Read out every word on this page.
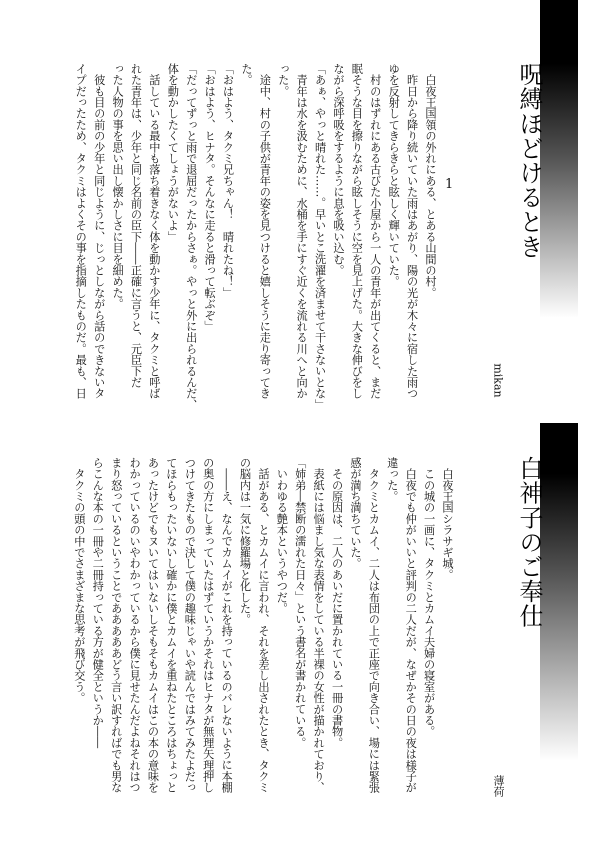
呪縛ほどけるとき
1
mikan
　白夜王国領の外れにある、とある山間の村。
　昨日から降り続いていた雨はあがり、陽の光が木々に宿した雨つ
ゆを反射してきらきらと眩しく輝いていた。
　村のはずれにある古びた小屋から一人の青年が出てくると、まだ
眠そうな目を擦りながら眩しそうに空を見上げた。大きな伸びをし
ながら深呼吸をするように息を吸い込む。
「あぁ、やっと晴れた……。早いとこ洗濯を済ませて干さないとな」
　青年は水を汲むために、水桶を手にすぐ近くを流れる川へと向か
った。
　途中、村の子供が青年の姿を見つけると嬉しそうに走り寄ってき
た。
「おはよう、タクミ兄ちゃん！　晴れたね！」
「おはよう、ヒナタ。そんなに走ると滑って転ぶぞ」
「だってずっと雨で退屈だったからさぁ。やっと外に出られるんだ、
体を動かしたくてしょうがないよ」
　話している最中も落ち着きなく体を動かす少年に、タクミと呼ば
れた青年は、少年と同じ名前の臣下――正確に言うと、元臣下だ
った人物の事を思い出し懐かしさに目を細めた。
　彼も目の前の少年と同じように、じっとしながら話のできないタ
イプだったため、タクミはよくその事を指摘したものだ。最も、日
白神子のご奉仕
薄荷
　白夜王国シラサギ城。
　この城の一画に、タクミとカムイ夫婦の寝室がある。
　白夜でも仲がいいと評判の二人だが、なぜかその日の夜は様子が
違った。
　タクミとカムイ、二人は布団の上で正座で向き合い、場には緊張
感が満ち満ちていた。
　その原因は、二人のあいだに置かれている一冊の書物。
　表紙には悩まし気な表情をしている半裸の女性が描かれており、
「姉弟―禁断の濡れた日々」という書名が書かれている。
　いわゆる艶本というやつだ。
　話がある、とカムイに言われ、それを差し出されたとき、タクミ
の脳内は一気に修羅場と化した。
　――え、なんでカムイがこれを持っているのバレないように本棚
の奥の方にしまっていたはずていうかそれはヒナタが無理矢理押し
つけてきたもので決して僕の趣味じゃいや読んではみてみたよだっ
てほらもったいないし確かに僕とカムイを重ねたところはちょっと
あったけどでもヌいてはいないしそもそもカムイはこの本の意味を
わかっているのいやわかっているから僕に見せたんだよねそれはつ
まり怒っているということであああああどう言い訳すればでも男な
らこんな本の一冊や二冊持っている方が健全というか――
　タクミの頭の中でさまざまな思考が飛び交う。
